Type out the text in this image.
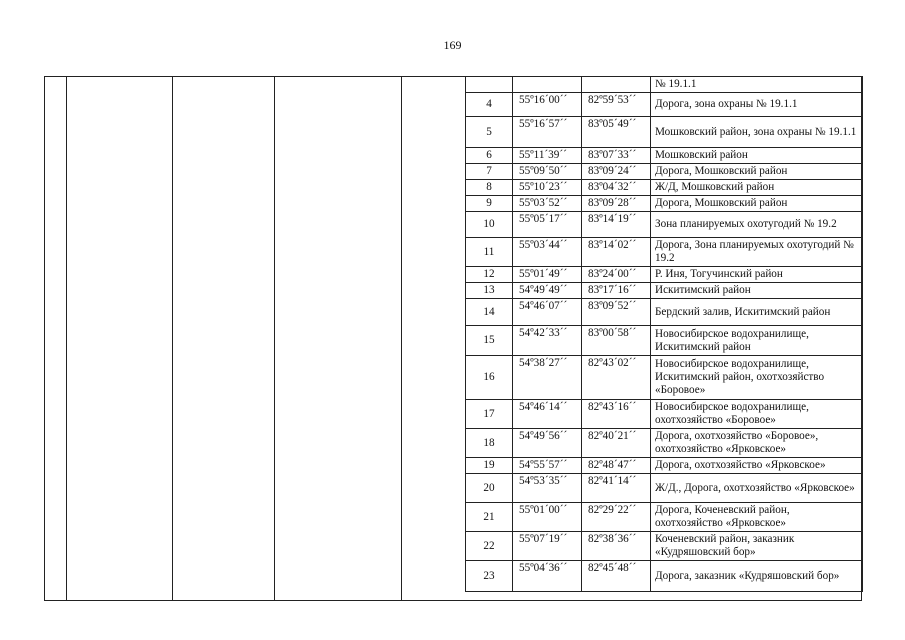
169
			№ 19.1.1
4	55º16´00´´	82º59´53´´	Дорога, зона охраны № 19.1.1
5	55º16´57´´	83º05´49´´	Мошковский район, зона охраны № 19.1.1
6	55º11´39´´	83º07´33´´	Мошковский район
7	55º09´50´´	83º09´24´´	Дорога, Мошковский район
8	55º10´23´´	83º04´32´´	Ж/Д, Мошковский район
9	55º03´52´´	83º09´28´´	Дорога, Мошковский район
10	55º05´17´´	83º14´19´´	Зона планируемых охотугодий № 19.2
11	55º03´44´´	83º14´02´´	Дорога, Зона планируемых охотугодий № 19.2
12	55º01´49´´	83º24´00´´	Р. Иня, Тогучинский район
13	54º49´49´´	83º17´16´´	Искитимский район
14	54º46´07´´	83º09´52´´	Бердский залив, Искитимский район
15	54º42´33´´	83º00´58´´	Новосибирское водохранилище, Искитимский район
16	54º38´27´´	82º43´02´´	Новосибирское водохранилище, Искитимский район, охотхозяйство «Боровое»
17	54º46´14´´	82º43´16´´	Новосибирское водохранилище, охотхозяйство «Боровое»
18	54º49´56´´	82º40´21´´	Дорога, охотхозяйство «Боровое», охотхозяйство «Ярковское»
19	54º55´57´´	82º48´47´´	Дорога, охотхозяйство «Ярковское»
20	54º53´35´´	82º41´14´´	Ж/Д., Дорога, охотхозяйство «Ярковское»
21	55º01´00´´	82º29´22´´	Дорога, Коченевский район, охотхозяйство «Ярковское»
22	55º07´19´´	82º38´36´´	Коченевский район, заказник «Кудряшовский бор»
23	55º04´36´´	82º45´48´´	Дорога, заказник «Кудряшовский бор»
